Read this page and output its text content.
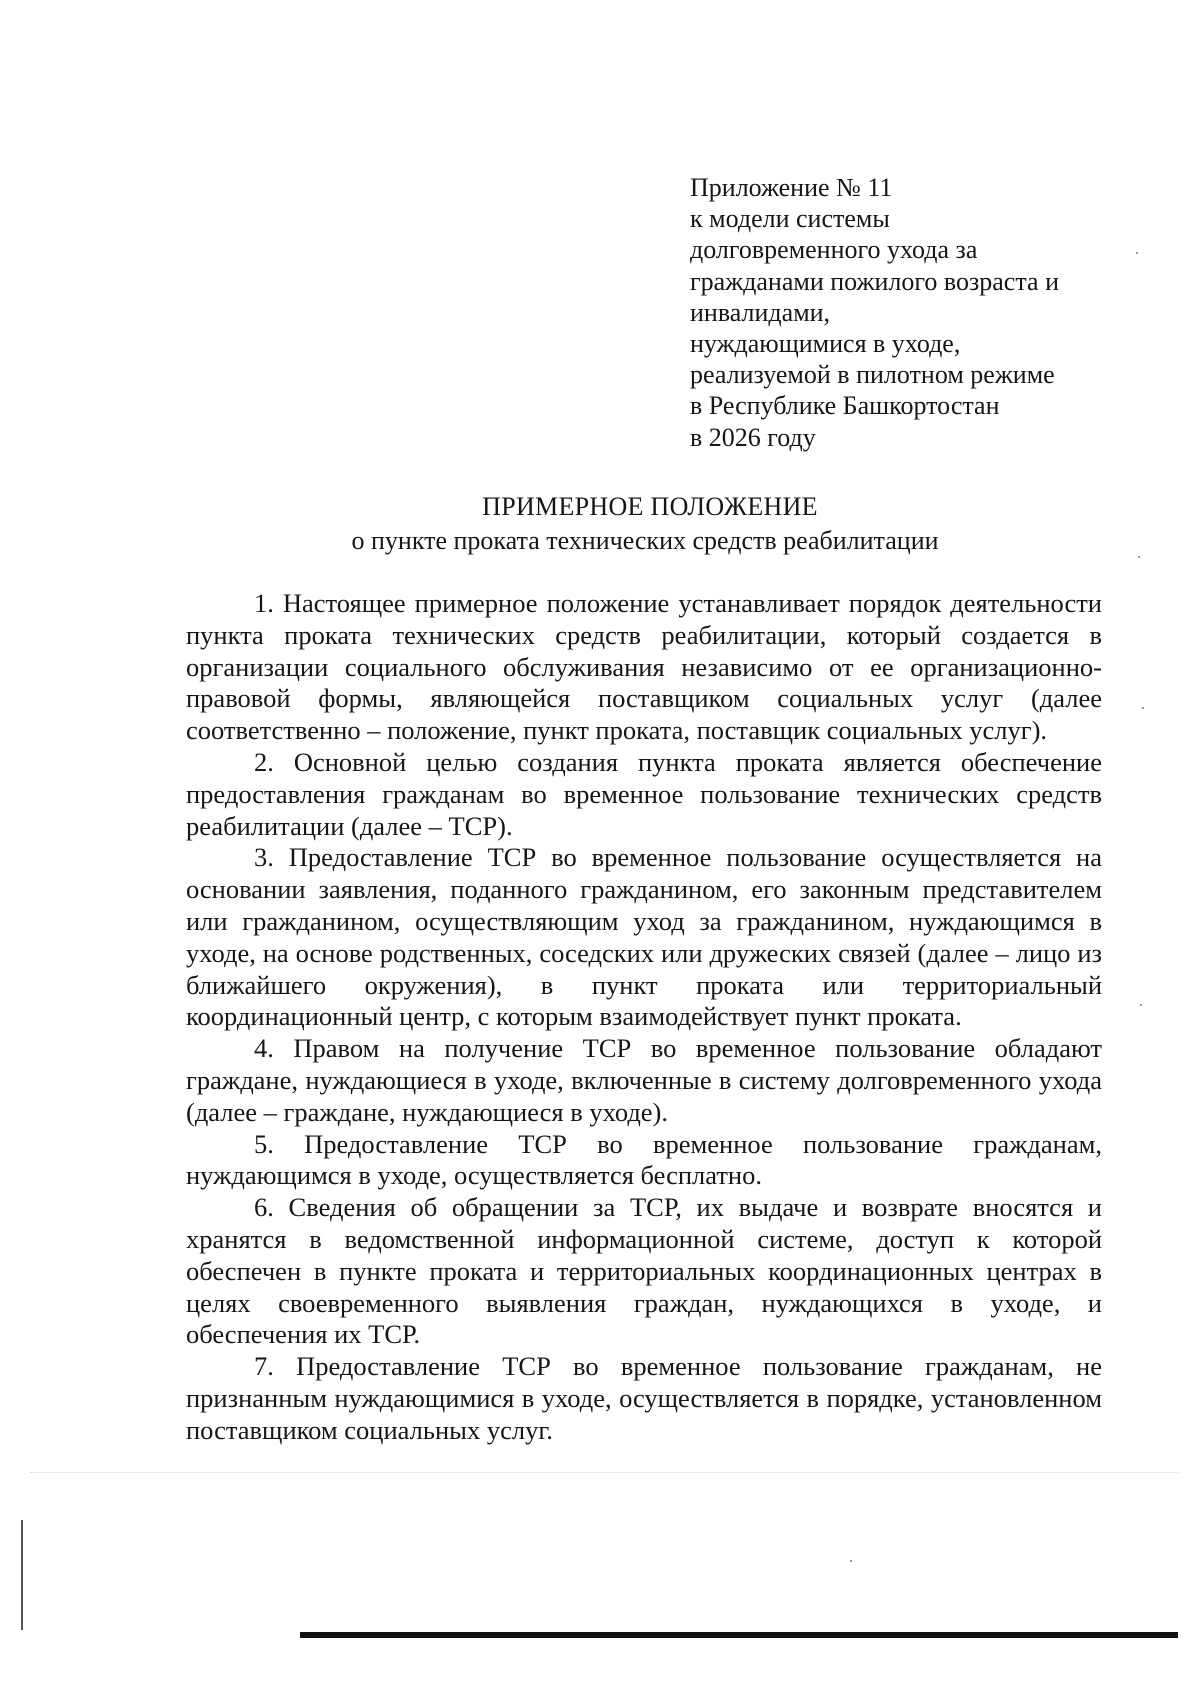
Приложение № 11
к модели системы
долговременного ухода за
гражданами пожилого возраста и
инвалидами,
нуждающимися в уходе,
реализуемой в пилотном режиме
в Республике Башкортостан
в 2026 году
ПРИМЕРНОЕ ПОЛОЖЕНИЕ
о пункте проката технических средств реабилитации

1. Настоящее примерное положение устанавливает порядок деятельности пункта проката технических средств реабилитации, который создается в организации социального обслуживания независимо от ее организационно-правовой формы, являющейся поставщиком социальных услуг (далее соответственно – положение, пункт проката, поставщик социальных услуг).

2. Основной целью создания пункта проката является обеспечение предоставления гражданам во временное пользование технических средств реабилитации (далее – ТСР).

3. Предоставление ТСР во временное пользование осуществляется на основании заявления, поданного гражданином, его законным представителем или гражданином, осуществляющим уход за гражданином, нуждающимся в уходе, на основе родственных, соседских или дружеских связей (далее – лицо из ближайшего окружения), в пункт проката или территориальный координационный центр, с которым взаимодействует пункт проката.

4. Правом на получение ТСР во временное пользование обладают граждане, нуждающиеся в уходе, включенные в систему долговременного ухода (далее – граждане, нуждающиеся в уходе).

5. Предоставление ТСР во временное пользование гражданам, нуждающимся в уходе, осуществляется бесплатно.

6. Сведения об обращении за ТСР, их выдаче и возврате вносятся и хранятся в ведомственной информационной системе, доступ к которой обеспечен в пункте проката и территориальных координационных центрах в целях своевременного выявления граждан, нуждающихся в уходе, и обеспечения их ТСР.

7. Предоставление ТСР во временное пользование гражданам, не признанным нуждающимися в уходе, осуществляется в порядке, установленном поставщиком социальных услуг.
